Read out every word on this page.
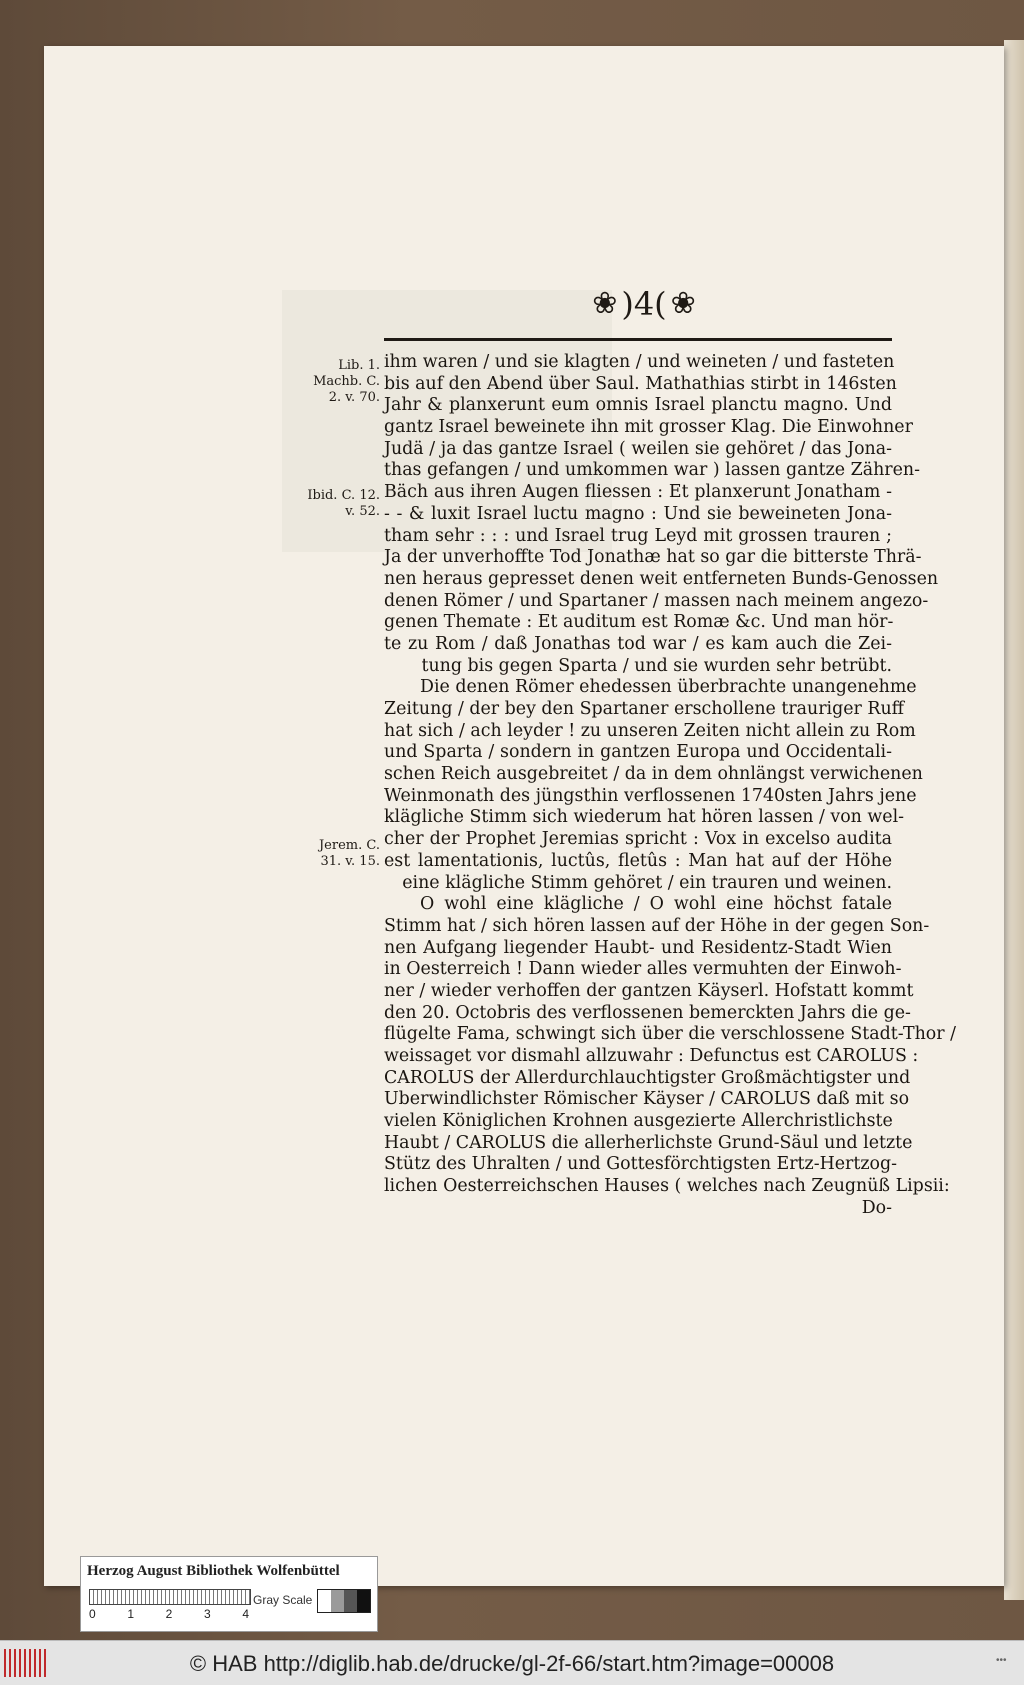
❀ )4( ❀
Lib. 1. Machb. C. 2. v. 70.
Ibid. C. 12. v. 52.
Jerem. C. 31. v. 15.
ihm waren / und sie klagten / und weineten / und fasteten
bis auf den Abend über Saul. Mathathias stirbt in 146sten
Jahr & planxerunt eum omnis Israel planctu magno. Und
gantz Israel beweinete ihn mit grosser Klag. Die Einwohner
Judä / ja das gantze Israel ( weilen sie gehöret / das Jona-
thas gefangen / und umkommen war ) lassen gantze Zähren-
Bäch aus ihren Augen fliessen : Et planxerunt Jonatham -
- - & luxit Israel luctu magno : Und sie beweineten Jona-
tham sehr : : : und Israel trug Leyd mit grossen trauren ;
Ja der unverhoffte Tod Jonathæ hat so gar die bitterste Thrä-
nen heraus gepresset denen weit entferneten Bunds-Genossen
denen Römer / und Spartaner / massen nach meinem angezo-
genen Themate : Et auditum est Romæ &c. Und man hör-
te zu Rom / daß Jonathas tod war / es kam auch die Zei-
tung bis gegen Sparta / und sie wurden sehr betrübt.
Die denen Römer ehedessen überbrachte unangenehme
Zeitung / der bey den Spartaner erschollene trauriger Ruff
hat sich / ach leyder ! zu unseren Zeiten nicht allein zu Rom
und Sparta / sondern in gantzen Europa und Occidentali-
schen Reich ausgebreitet / da in dem ohnlängst verwichenen
Weinmonath des jüngsthin verflossenen 1740sten Jahrs jene
klägliche Stimm sich wiederum hat hören lassen / von wel-
cher der Prophet Jeremias spricht : Vox in excelso audita
est lamentationis, luctûs, fletûs : Man hat auf der Höhe
eine klägliche Stimm gehöret / ein trauren und weinen.
O wohl eine klägliche / O wohl eine höchst fatale
Stimm hat / sich hören lassen auf der Höhe in der gegen Son-
nen Aufgang liegender Haubt- und Residentz-Stadt Wien
in Oesterreich ! Dann wieder alles vermuhten der Einwoh-
ner / wieder verhoffen der gantzen Käyserl. Hofstatt kommt
den 20. Octobris des verflossenen bemerckten Jahrs die ge-
flügelte Fama, schwingt sich über die verschlossene Stadt-Thor /
weissaget vor dismahl allzuwahr : Defunctus est CAROLUS :
CAROLUS der Allerdurchlauchtigster Großmächtigster und
Uberwindlichster Römischer Käyser / CAROLUS daß mit so
vielen Königlichen Krohnen ausgezierte Allerchristlichste
Haubt / CAROLUS die allerherlichste Grund-Säul und letzte
Stütz des Uhralten / und Gottesförchtigsten Ertz-Hertzog-
lichen Oesterreichschen Hauses ( welches nach Zeugnüß Lipsii:
Do-
Herzog August Bibliothek Wolfenbüttel
0	1	2	3	4
Gray Scale
© HAB http://diglib.hab.de/drucke/gl-2f-66/start.htm?image=00008	•••
